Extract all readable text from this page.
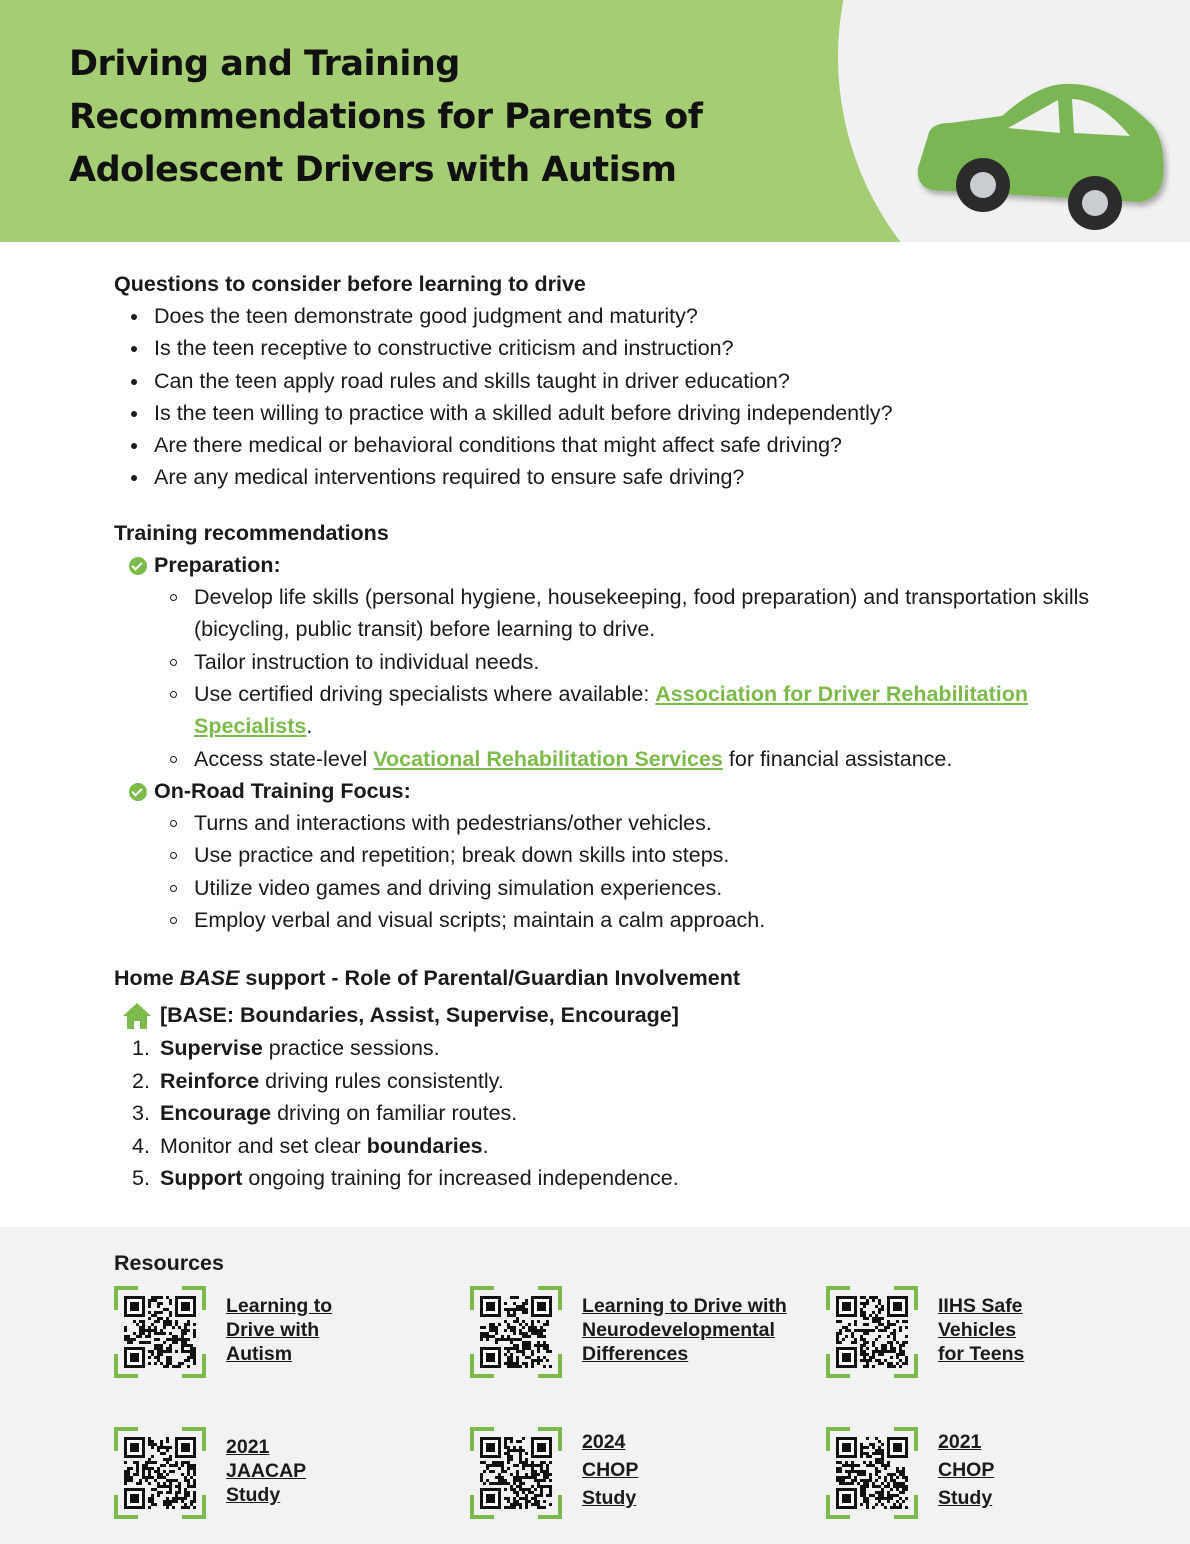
Driving and Training
Recommendations for Parents of
Adolescent Drivers with Autism
Questions to consider before learning to drive
Does the teen demonstrate good judgment and maturity?
Is the teen receptive to constructive criticism and instruction?
Can the teen apply road rules and skills taught in driver education?
Is the teen willing to practice with a skilled adult before driving independently?
Are there medical or behavioral conditions that might affect safe driving?
Are any medical interventions required to ensure safe driving?
Training recommendations
Preparation:
Develop life skills (personal hygiene, housekeeping, food preparation) and transportation skills (bicycling, public transit) before learning to drive.
Tailor instruction to individual needs.
Use certified driving specialists where available: Association for Driver Rehabilitation Specialists.
Access state-level Vocational Rehabilitation Services for financial assistance.
On-Road Training Focus:
Turns and interactions with pedestrians/other vehicles.
Use practice and repetition; break down skills into steps.
Utilize video games and driving simulation experiences.
Employ verbal and visual scripts; maintain a calm approach.
Home BASE support - Role of Parental/Guardian Involvement
[BASE: Boundaries, Assist, Supervise, Encourage]
1. Supervise practice sessions.
2. Reinforce driving rules consistently.
3. Encourage driving on familiar routes.
4. Monitor and set clear boundaries.
5. Support ongoing training for increased independence.
Resources
Learning to
Drive with
Autism
Learning to Drive with
Neurodevelopmental
Differences
IIHS Safe
Vehicles
for Teens
2021
JAACAP
Study
2024
CHOP
Study
2021
CHOP
Study
